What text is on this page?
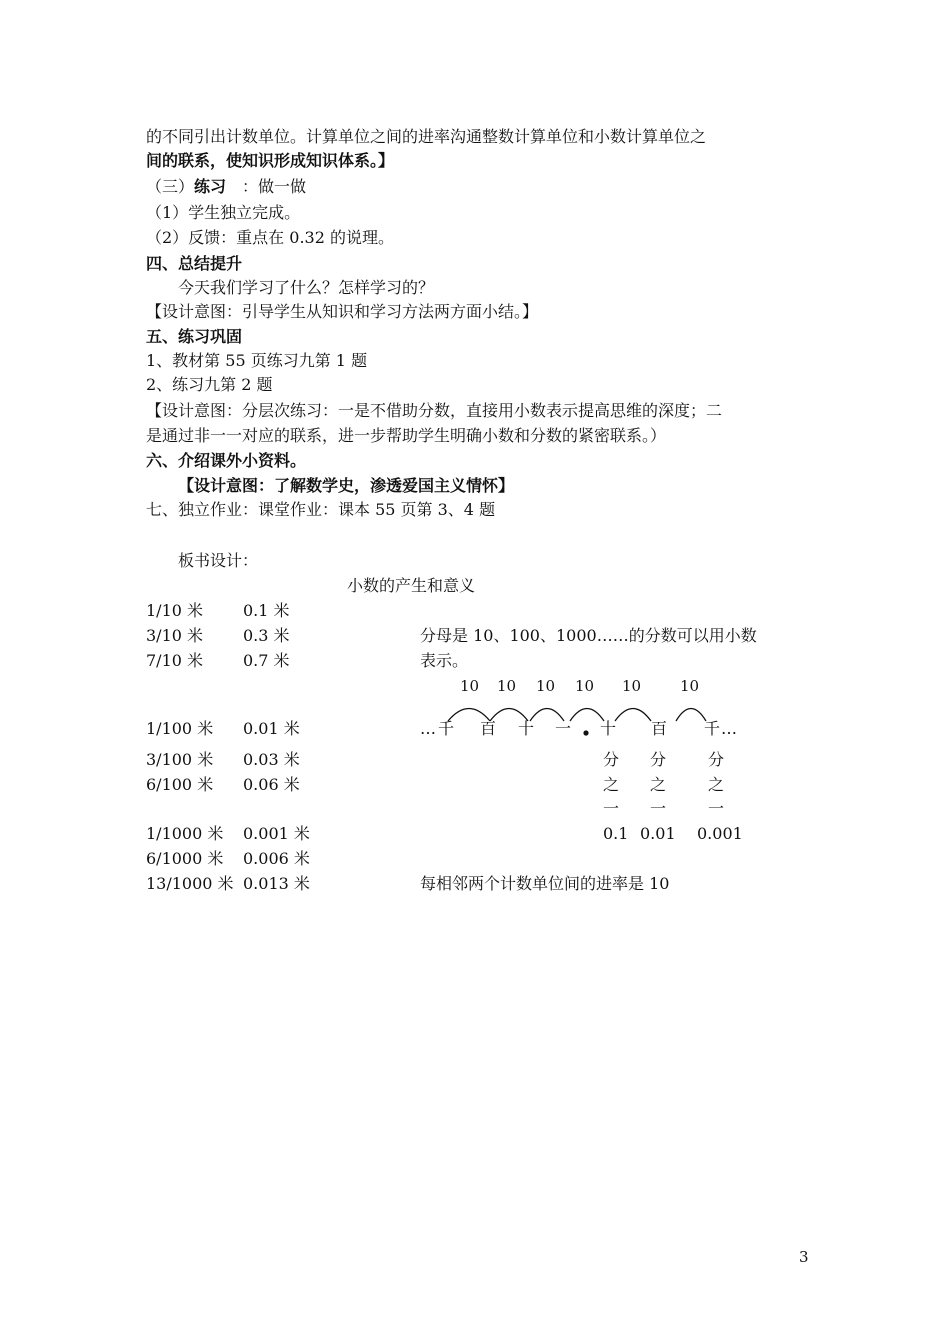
的不同引出计数单位。计算单位之间的进率沟通整数计算单位和小数计算单位之
间的联系，使知识形成知识体系。】
（三）练习 ：做一做
（1）学生独立完成。
（2）反馈：重点在 0.32 的说理。
四、总结提升
今天我们学习了什么？怎样学习的？
【设计意图：引导学生从知识和学习方法两方面小结。】
五、练习巩固
1、教材第 55 页练习九第 1 题
2、练习九第 2 题
【设计意图：分层次练习：一是不借助分数，直接用小数表示提高思维的深度；二
是通过非一一对应的联系，进一步帮助学生明确小数和分数的紧密联系。）
六、介绍课外小资料。
【设计意图：了解数学史，渗透爱国主义情怀】
七、独立作业：课堂作业：课本 55 页第 3、4 题
板书设计：
小数的产生和意义
1/10 米 0.1 米
3/10 米 0.3 米
7/10 米 0.7 米
1/100 米 0.01 米
3/100 米 0.03 米
6/100 米 0.06 米
1/1000 米 0.001 米
6/1000 米 0.006 米
13/1000 米 0.013 米
分母是 10、100、1000……的分数可以用小数
表示。
10 10 10 10 10	10
… 千 百 十 一 十 百 千 …
分
之
一
分
之
一
分
之
一
0.1 0.01 0.001
每相邻两个计数单位间的进率是 10
3
